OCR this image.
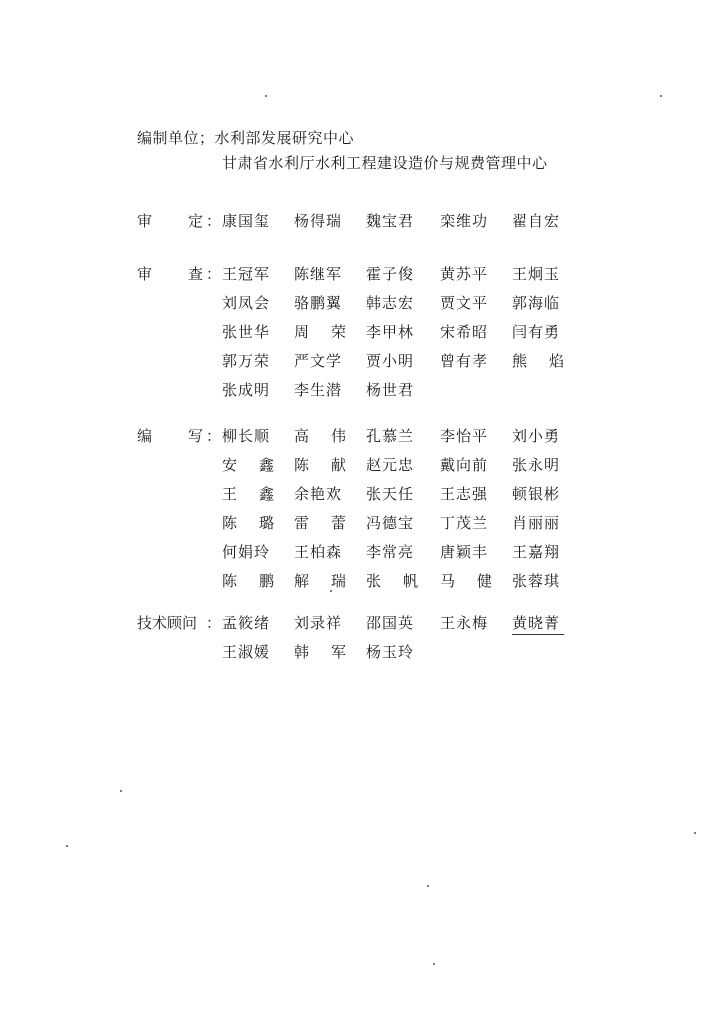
编制单位；水利部发展研究中心
甘肃省水利厅水利工程建设造价与规费管理中心
审 定 ： 康国玺 杨得瑞 魏宝君 栾维功 翟自宏
审 查 ： 王冠军 陈继军 霍子俊 黄苏平 王炯玉
刘凤会 骆鹏翼 韩志宏 贾文平 郭海临
张世华 周 荣 李甲林 宋希昭 闫有勇
郭万荣 严文学 贾小明 曾有孝 熊 焰
张成明 李生潜 杨世君
编 写 ： 柳长顺 高 伟 孔慕兰 李怡平 刘小勇
安 鑫 陈 献 赵元忠 戴向前 张永明
王 鑫 余艳欢 张天任 王志强 顿银彬
陈 璐 雷 蕾 冯德宝 丁茂兰 肖丽丽
何娟玲 王柏森 李常亮 唐颖丰 王嘉翔
陈 鹏 解 瑞 张 帆 马 健 张蓉琪
技术顾问 ： 孟筱绪 刘录祥 邵国英 王永梅 黄晓菁
王淑媛 韩 军 杨玉玲
